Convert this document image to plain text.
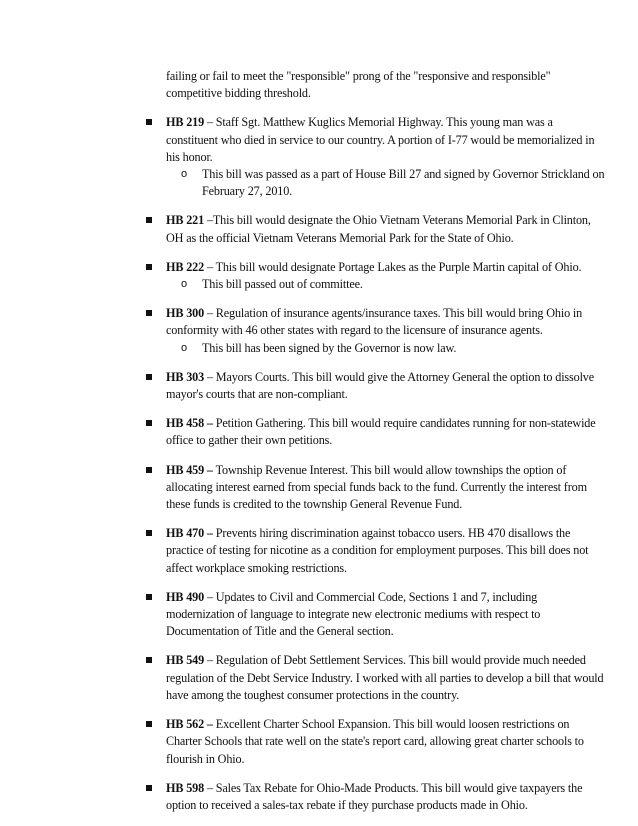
failing or fail to meet the "responsible" prong of the "responsive and responsible" competitive bidding threshold.
HB 219 – Staff Sgt. Matthew Kuglics Memorial Highway. This young man was a constituent who died in service to our country. A portion of I-77 would be memorialized in his honor.
o This bill was passed as a part of House Bill 27 and signed by Governor Strickland on February 27, 2010.
HB 221 –This bill would designate the Ohio Vietnam Veterans Memorial Park in Clinton, OH as the official Vietnam Veterans Memorial Park for the State of Ohio.
HB 222 – This bill would designate Portage Lakes as the Purple Martin capital of Ohio.
o This bill passed out of committee.
HB 300 – Regulation of insurance agents/insurance taxes. This bill would bring Ohio in conformity with 46 other states with regard to the licensure of insurance agents.
o This bill has been signed by the Governor is now law.
HB 303 – Mayors Courts. This bill would give the Attorney General the option to dissolve mayor's courts that are non-compliant.
HB 458 – Petition Gathering. This bill would require candidates running for non-statewide office to gather their own petitions.
HB 459 – Township Revenue Interest. This bill would allow townships the option of allocating interest earned from special funds back to the fund. Currently the interest from these funds is credited to the township General Revenue Fund.
HB 470 – Prevents hiring discrimination against tobacco users. HB 470 disallows the practice of testing for nicotine as a condition for employment purposes. This bill does not affect workplace smoking restrictions.
HB 490 – Updates to Civil and Commercial Code, Sections 1 and 7, including modernization of language to integrate new electronic mediums with respect to Documentation of Title and the General section.
HB 549 – Regulation of Debt Settlement Services. This bill would provide much needed regulation of the Debt Service Industry. I worked with all parties to develop a bill that would have among the toughest consumer protections in the country.
HB 562 – Excellent Charter School Expansion. This bill would loosen restrictions on Charter Schools that rate well on the state's report card, allowing great charter schools to flourish in Ohio.
HB 598 – Sales Tax Rebate for Ohio-Made Products. This bill would give taxpayers the option to received a sales-tax rebate if they purchase products made in Ohio.
